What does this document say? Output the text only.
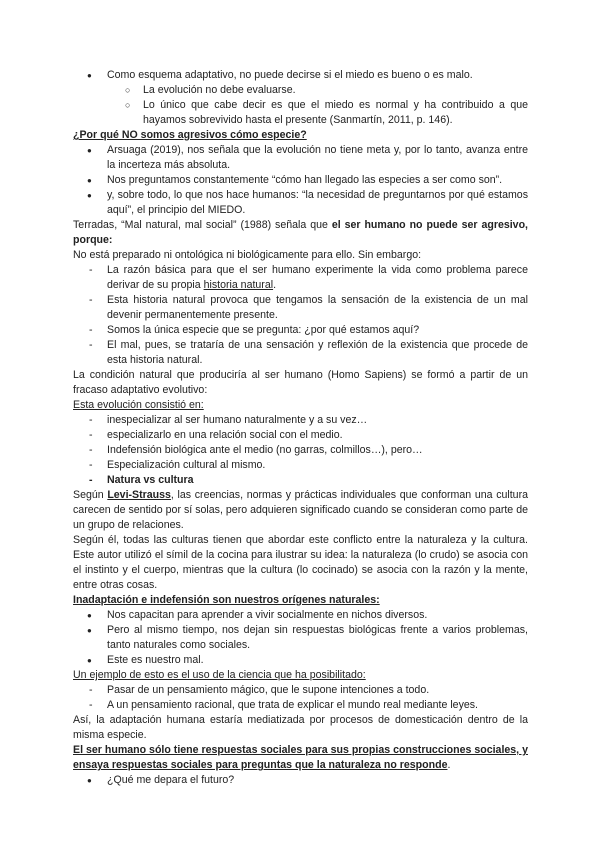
● Como esquema adaptativo, no puede decirse si el miedo es bueno o es malo.
○ La evolución no debe evaluarse.
○ Lo único que cabe decir es que el miedo es normal y ha contribuido a que hayamos sobrevivido hasta el presente (Sanmartín, 2011, p. 146).
¿Por qué NO somos agresivos cómo especie?
● Arsuaga (2019), nos señala que la evolución no tiene meta y, por lo tanto, avanza entre la incerteza más absoluta.
● Nos preguntamos constantemente “cómo han llegado las especies a ser como son”.
● y, sobre todo, lo que nos hace humanos: “la necesidad de preguntarnos por qué estamos aquí”, el principio del MIEDO.
Terradas, “Mal natural, mal social” (1988) señala que el ser humano no puede ser agresivo, porque:
No está preparado ni ontológica ni biológicamente para ello. Sin embargo:
- La razón básica para que el ser humano experimente la vida como problema parece derivar de su propia historia natural.
- Esta historia natural provoca que tengamos la sensación de la existencia de un mal devenir permanentemente presente.
- Somos la única especie que se pregunta: ¿por qué estamos aquí?
- El mal, pues, se trataría de una sensación y reflexión de la existencia que procede de esta historia natural.
La condición natural que produciría al ser humano (Homo Sapiens) se formó a partir de un fracaso adaptativo evolutivo:
Esta evolución consistió en:
- inespecializar al ser humano naturalmente y a su vez…
- especializarlo en una relación social con el medio.
- Indefensión biológica ante el medio (no garras, colmillos…), pero…
- Especialización cultural al mismo.
- Natura vs cultura
Según Levi-Strauss, las creencias, normas y prácticas individuales que conforman una cultura carecen de sentido por sí solas, pero adquieren significado cuando se consideran como parte de un grupo de relaciones.
Según él, todas las culturas tienen que abordar este conflicto entre la naturaleza y la cultura. Este autor utilizó el símil de la cocina para ilustrar su idea: la naturaleza (lo crudo) se asocia con el instinto y el cuerpo, mientras que la cultura (lo cocinado) se asocia con la razón y la mente, entre otras cosas.
Inadaptación e indefensión son nuestros orígenes naturales:
● Nos capacitan para aprender a vivir socialmente en nichos diversos.
● Pero al mismo tiempo, nos dejan sin respuestas biológicas frente a varios problemas, tanto naturales como sociales.
● Este es nuestro mal.
Un ejemplo de esto es el uso de la ciencia que ha posibilitado:
- Pasar de un pensamiento mágico, que le supone intenciones a todo.
- A un pensamiento racional, que trata de explicar el mundo real mediante leyes.
Así, la adaptación humana estaría mediatizada por procesos de domesticación dentro de la misma especie.
El ser humano sólo tiene respuestas sociales para sus propias construcciones sociales, y ensaya respuestas sociales para preguntas que la naturaleza no responde.
● ¿Qué me depara el futuro?
